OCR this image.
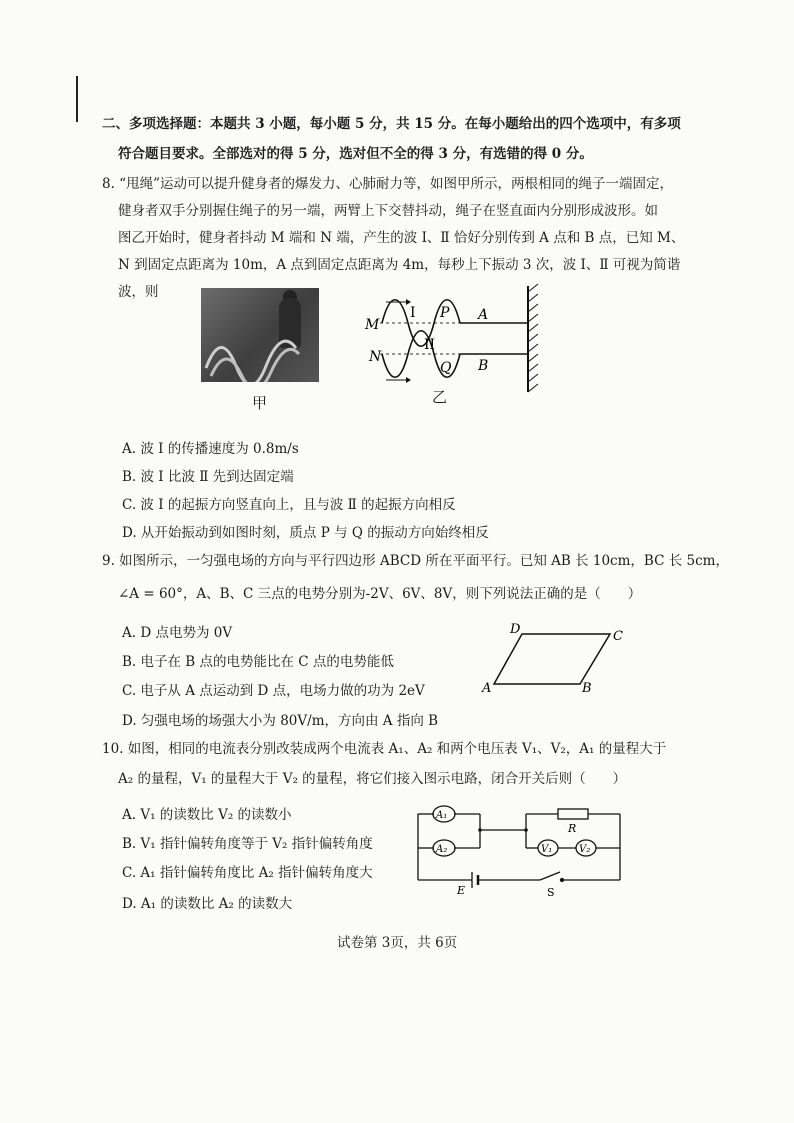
二、多项选择题：本题共 3 小题，每小题 5 分，共 15 分。在每小题给出的四个选项中，有多项
符合题目要求。全部选对的得 5 分，选对但不全的得 3 分，有选错的得 0 分。
8. “甩绳”运动可以提升健身者的爆发力、心肺耐力等，如图甲所示，两根相同的绳子一端固定，
健身者双手分别握住绳子的另一端，两臂上下交替抖动，绳子在竖直面内分别形成波形。如
图乙开始时，健身者抖动 M 端和 N 端，产生的波 Ⅰ、Ⅱ 恰好分别传到 A 点和 B 点，已知 M、
N 到固定点距离为 10m，A 点到固定点距离为 4m，每秒上下振动 3 次，波 Ⅰ、Ⅱ 可视为简谐
波，则
甲
M
N
I
II
P
Q
A
B
乙
A. 波 Ⅰ 的传播速度为 0.8m/s
B. 波 Ⅰ 比波 Ⅱ 先到达固定端
C. 波 Ⅰ 的起振方向竖直向上，且与波 Ⅱ 的起振方向相反
D. 从开始振动到如图时刻，质点 P 与 Q 的振动方向始终相反
9. 如图所示，一匀强电场的方向与平行四边形 ABCD 所在平面平行。已知 AB 长 10cm，BC 长 5cm，
∠A = 60°，A、B、C 三点的电势分别为-2V、6V、8V，则下列说法正确的是（　　）
A. D 点电势为 0V
B. 电子在 B 点的电势能比在 C 点的电势能低
C. 电子从 A 点运动到 D 点，电场力做的功为 2eV
D. 匀强电场的场强大小为 80V/m，方向由 A 指向 B
A	B
C
D
10. 如图，相同的电流表分别改装成两个电流表 A₁、A₂ 和两个电压表 V₁、V₂，A₁ 的量程大于
A₂ 的量程，V₁ 的量程大于 V₂ 的量程，将它们接入图示电路，闭合开关后则（　　）
A. V₁ 的读数比 V₂ 的读数小
B. V₁ 指针偏转角度等于 V₂ 指针偏转角度
C. A₁ 指针偏转角度比 A₂ 指针偏转角度大
D. A₁ 的读数比 A₂ 的读数大
A₁
A₂	V₁	V₂
R
E	S
试卷第 3页，共 6页
